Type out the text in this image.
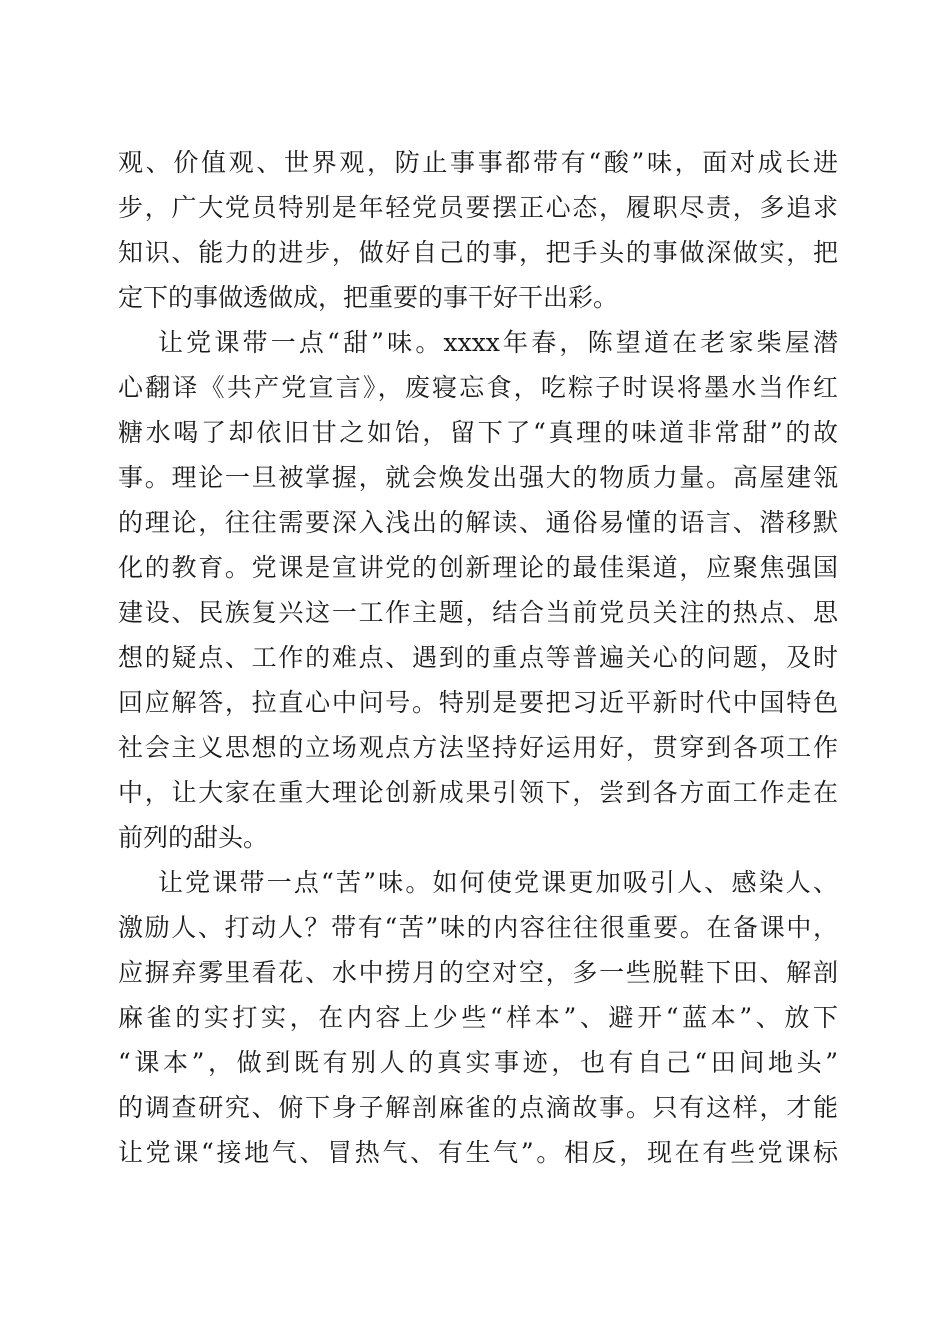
观、价值观、世界观，防止事事都带有“酸”味，面对成长进
步，广大党员特别是年轻党员要摆正心态，履职尽责，多追求
知识、能力的进步，做好自己的事，把手头的事做深做实，把
定下的事做透做成，把重要的事干好干出彩。
让党课带一点“甜”味。xxxx年春，陈望道在老家柴屋潜
心翻译《共产党宣言》，废寝忘食，吃粽子时误将墨水当作红
糖水喝了却依旧甘之如饴，留下了“真理的味道非常甜”的故
事。理论一旦被掌握，就会焕发出强大的物质力量。高屋建瓴
的理论，往往需要深入浅出的解读、通俗易懂的语言、潜移默
化的教育。党课是宣讲党的创新理论的最佳渠道，应聚焦强国
建设、民族复兴这一工作主题，结合当前党员关注的热点、思
想的疑点、工作的难点、遇到的重点等普遍关心的问题，及时
回应解答，拉直心中问号。特别是要把习近平新时代中国特色
社会主义思想的立场观点方法坚持好运用好，贯穿到各项工作
中，让大家在重大理论创新成果引领下，尝到各方面工作走在
前列的甜头。
让党课带一点“苦”味。如何使党课更加吸引人、感染人、
激励人、打动人？带有“苦”味的内容往往很重要。在备课中，
应摒弃雾里看花、水中捞月的空对空，多一些脱鞋下田、解剖
麻雀的实打实，在内容上少些“样本”、避开“蓝本”、放下
“课本”，做到既有别人的真实事迹，也有自己“田间地头”
的调查研究、俯下身子解剖麻雀的点滴故事。只有这样，才能
让党课“接地气、冒热气、有生气”。相反，现在有些党课标
